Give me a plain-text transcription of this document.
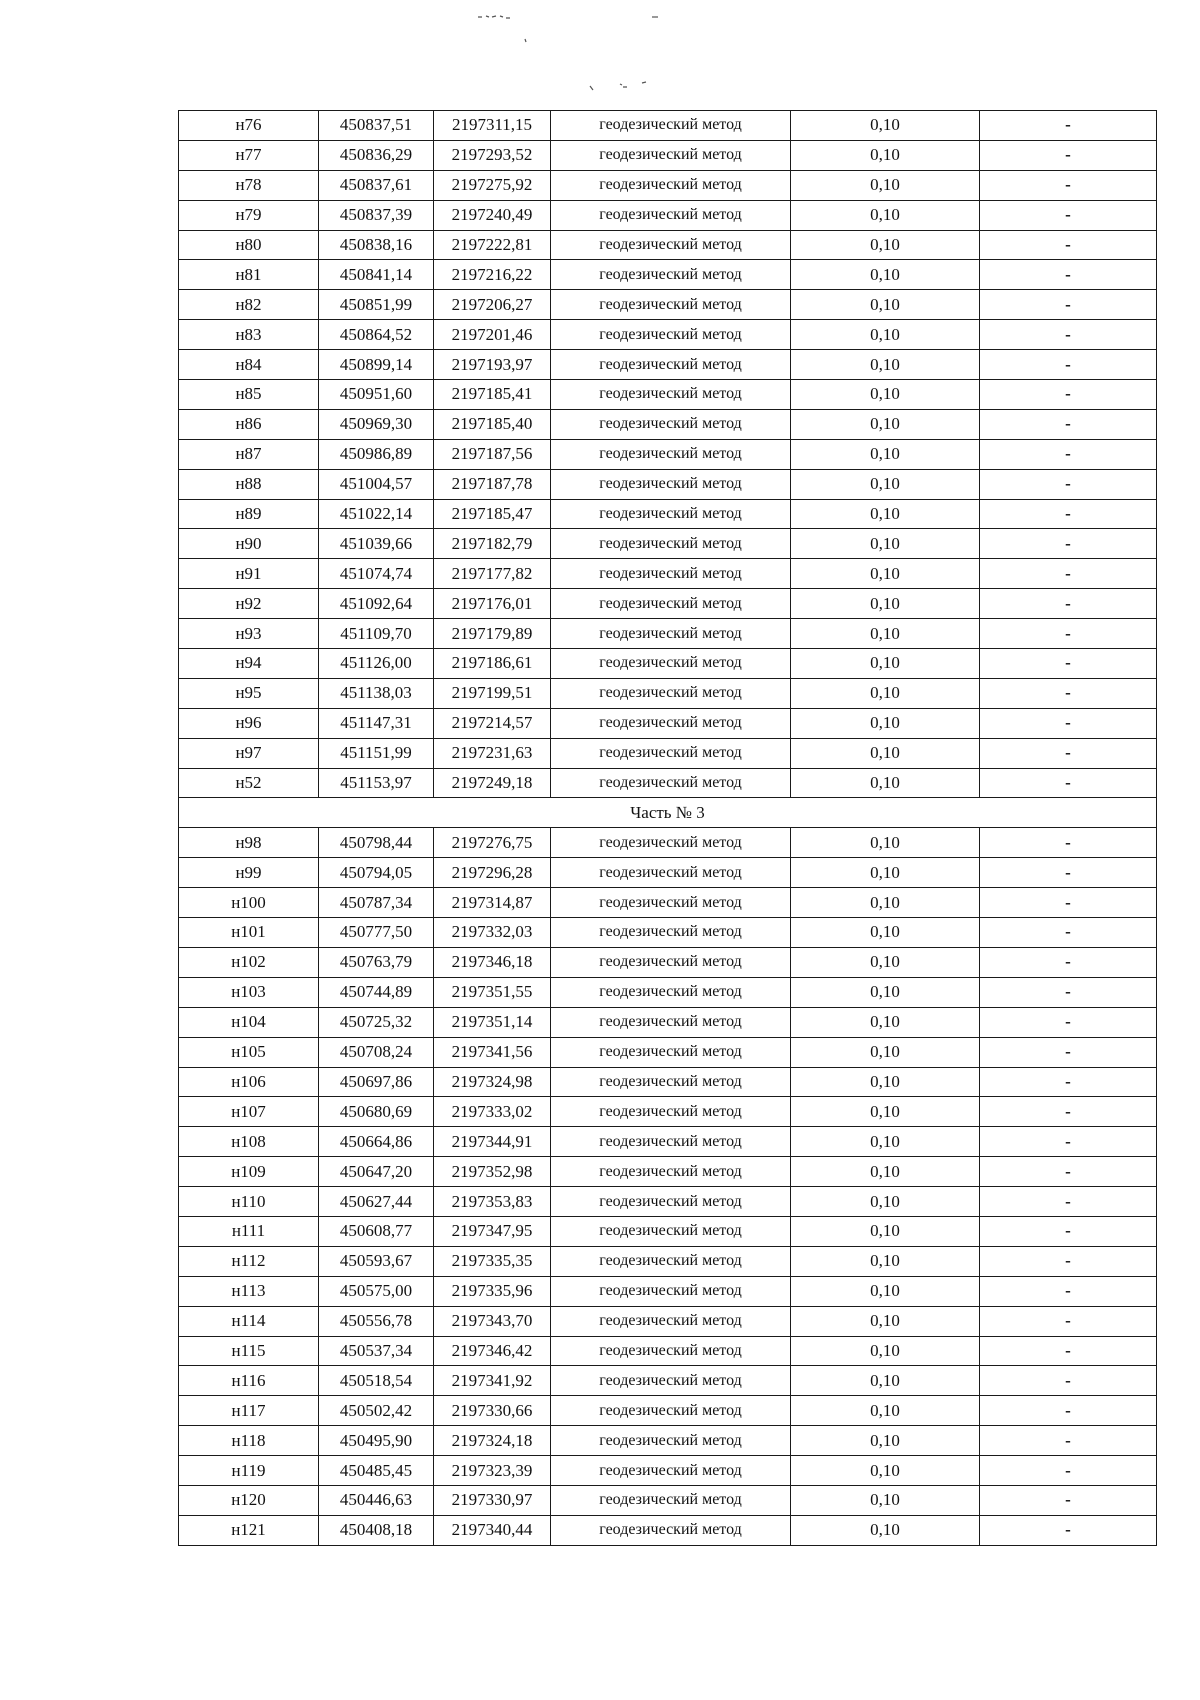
н76	450837,51	2197311,15	геодезический метод	0,10	-
н77	450836,29	2197293,52	геодезический метод	0,10	-
н78	450837,61	2197275,92	геодезический метод	0,10	-
н79	450837,39	2197240,49	геодезический метод	0,10	-
н80	450838,16	2197222,81	геодезический метод	0,10	-
н81	450841,14	2197216,22	геодезический метод	0,10	-
н82	450851,99	2197206,27	геодезический метод	0,10	-
н83	450864,52	2197201,46	геодезический метод	0,10	-
н84	450899,14	2197193,97	геодезический метод	0,10	-
н85	450951,60	2197185,41	геодезический метод	0,10	-
н86	450969,30	2197185,40	геодезический метод	0,10	-
н87	450986,89	2197187,56	геодезический метод	0,10	-
н88	451004,57	2197187,78	геодезический метод	0,10	-
н89	451022,14	2197185,47	геодезический метод	0,10	-
н90	451039,66	2197182,79	геодезический метод	0,10	-
н91	451074,74	2197177,82	геодезический метод	0,10	-
н92	451092,64	2197176,01	геодезический метод	0,10	-
н93	451109,70	2197179,89	геодезический метод	0,10	-
н94	451126,00	2197186,61	геодезический метод	0,10	-
н95	451138,03	2197199,51	геодезический метод	0,10	-
н96	451147,31	2197214,57	геодезический метод	0,10	-
н97	451151,99	2197231,63	геодезический метод	0,10	-
н52	451153,97	2197249,18	геодезический метод	0,10	-
Часть № 3					
н98	450798,44	2197276,75	геодезический метод	0,10	-
н99	450794,05	2197296,28	геодезический метод	0,10	-
н100	450787,34	2197314,87	геодезический метод	0,10	-
н101	450777,50	2197332,03	геодезический метод	0,10	-
н102	450763,79	2197346,18	геодезический метод	0,10	-
н103	450744,89	2197351,55	геодезический метод	0,10	-
н104	450725,32	2197351,14	геодезический метод	0,10	-
н105	450708,24	2197341,56	геодезический метод	0,10	-
н106	450697,86	2197324,98	геодезический метод	0,10	-
н107	450680,69	2197333,02	геодезический метод	0,10	-
н108	450664,86	2197344,91	геодезический метод	0,10	-
н109	450647,20	2197352,98	геодезический метод	0,10	-
н110	450627,44	2197353,83	геодезический метод	0,10	-
н111	450608,77	2197347,95	геодезический метод	0,10	-
н112	450593,67	2197335,35	геодезический метод	0,10	-
н113	450575,00	2197335,96	геодезический метод	0,10	-
н114	450556,78	2197343,70	геодезический метод	0,10	-
н115	450537,34	2197346,42	геодезический метод	0,10	-
н116	450518,54	2197341,92	геодезический метод	0,10	-
н117	450502,42	2197330,66	геодезический метод	0,10	-
н118	450495,90	2197324,18	геодезический метод	0,10	-
н119	450485,45	2197323,39	геодезический метод	0,10	-
н120	450446,63	2197330,97	геодезический метод	0,10	-
н121	450408,18	2197340,44	геодезический метод	0,10	-
